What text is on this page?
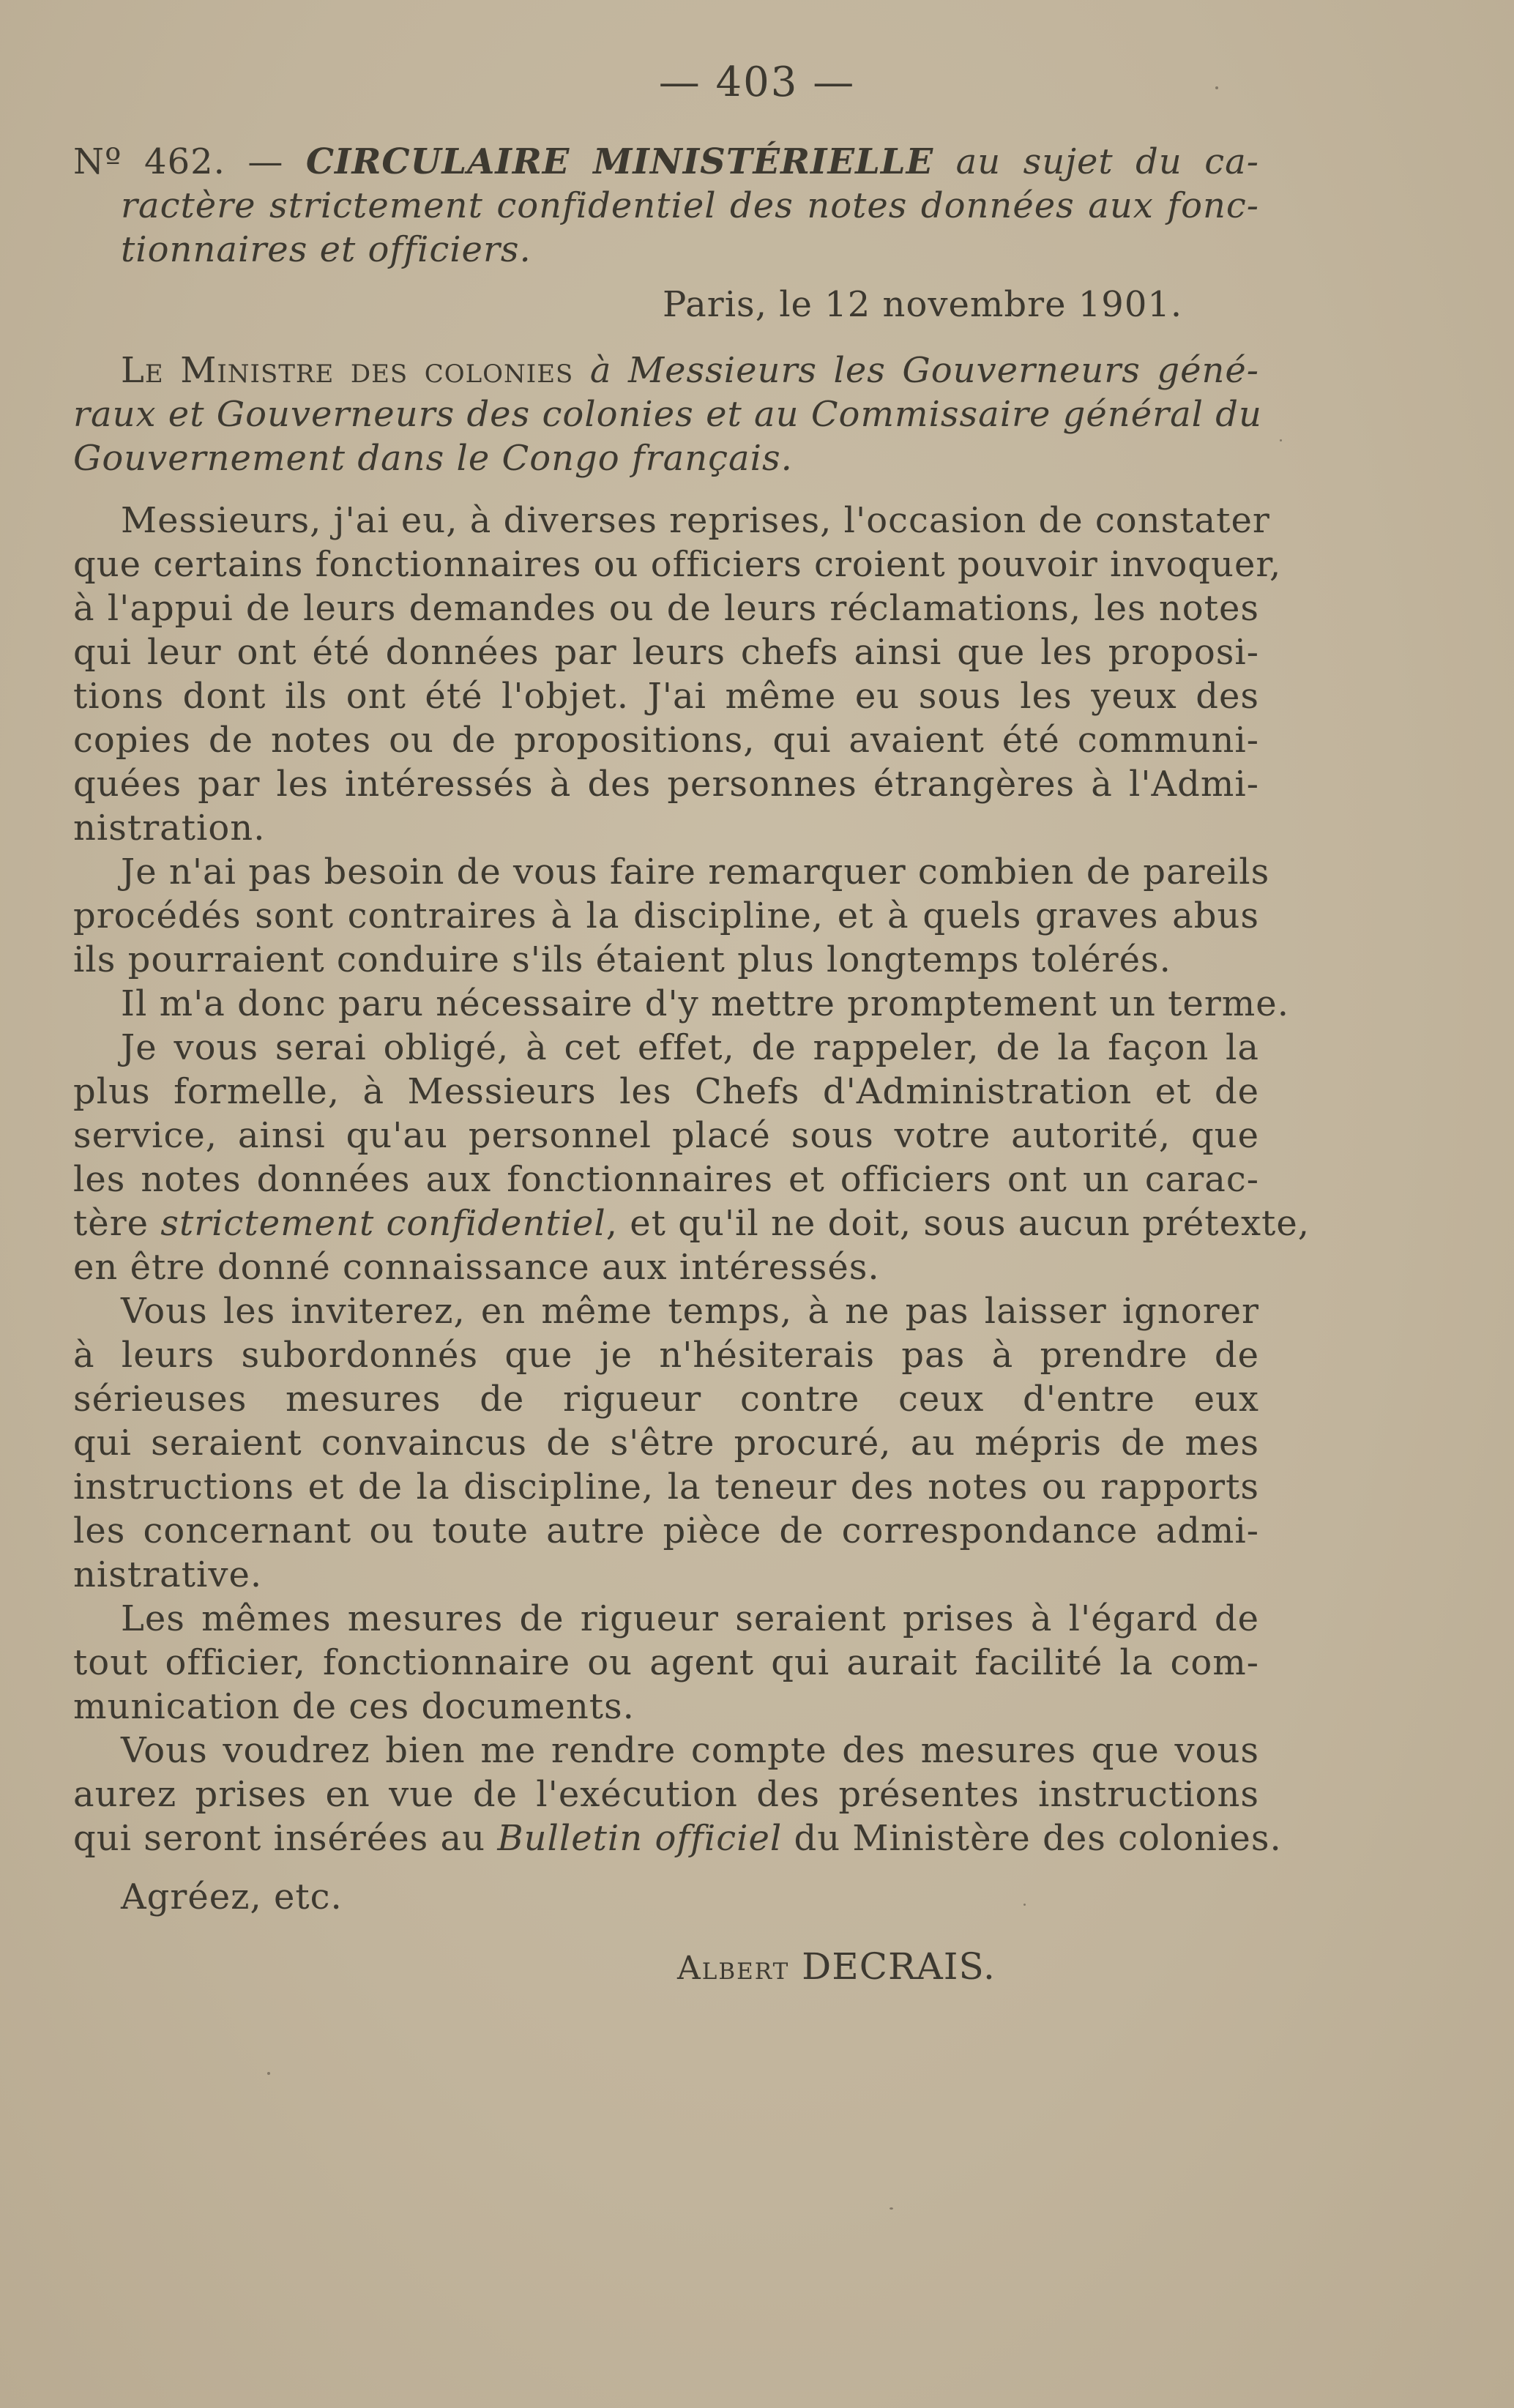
— 403 —
Nº 462. — CIRCULAIRE MINISTÉRIELLE au sujet du ca-
ractère strictement confidentiel des notes données aux fonc-
tionnaires et officiers.
Paris, le 12 novembre 1901.
Le Ministre des colonies à Messieurs les Gouverneurs géné-
raux et Gouverneurs des colonies et au Commissaire général du
Gouvernement dans le Congo français.
Messieurs, j'ai eu, à diverses reprises, l'occasion de constater
que certains fonctionnaires ou officiers croient pouvoir invoquer,
à l'appui de leurs demandes ou de leurs réclamations, les notes
qui leur ont été données par leurs chefs ainsi que les proposi-
tions dont ils ont été l'objet. J'ai même eu sous les yeux des
copies de notes ou de propositions, qui avaient été communi-
quées par les intéressés à des personnes étrangères à l'Admi-
nistration.
Je n'ai pas besoin de vous faire remarquer combien de pareils
procédés sont contraires à la discipline, et à quels graves abus
ils pourraient conduire s'ils étaient plus longtemps tolérés.
Il m'a donc paru nécessaire d'y mettre promptement un terme.
Je vous serai obligé, à cet effet, de rappeler, de la façon la
plus formelle, à Messieurs les Chefs d'Administration et de
service, ainsi qu'au personnel placé sous votre autorité, que
les notes données aux fonctionnaires et officiers ont un carac-
tère strictement confidentiel, et qu'il ne doit, sous aucun prétexte,
en être donné connaissance aux intéressés.
Vous les inviterez, en même temps, à ne pas laisser ignorer
à leurs subordonnés que je n'hésiterais pas à prendre de
sérieuses mesures de rigueur contre ceux d'entre eux
qui seraient convaincus de s'être procuré, au mépris de mes
instructions et de la discipline, la teneur des notes ou rapports
les concernant ou toute autre pièce de correspondance admi-
nistrative.
Les mêmes mesures de rigueur seraient prises à l'égard de
tout officier, fonctionnaire ou agent qui aurait facilité la com-
munication de ces documents.
Vous voudrez bien me rendre compte des mesures que vous
aurez prises en vue de l'exécution des présentes instructions
qui seront insérées au Bulletin officiel du Ministère des colonies.
Agréez, etc.
Albert DECRAIS.
